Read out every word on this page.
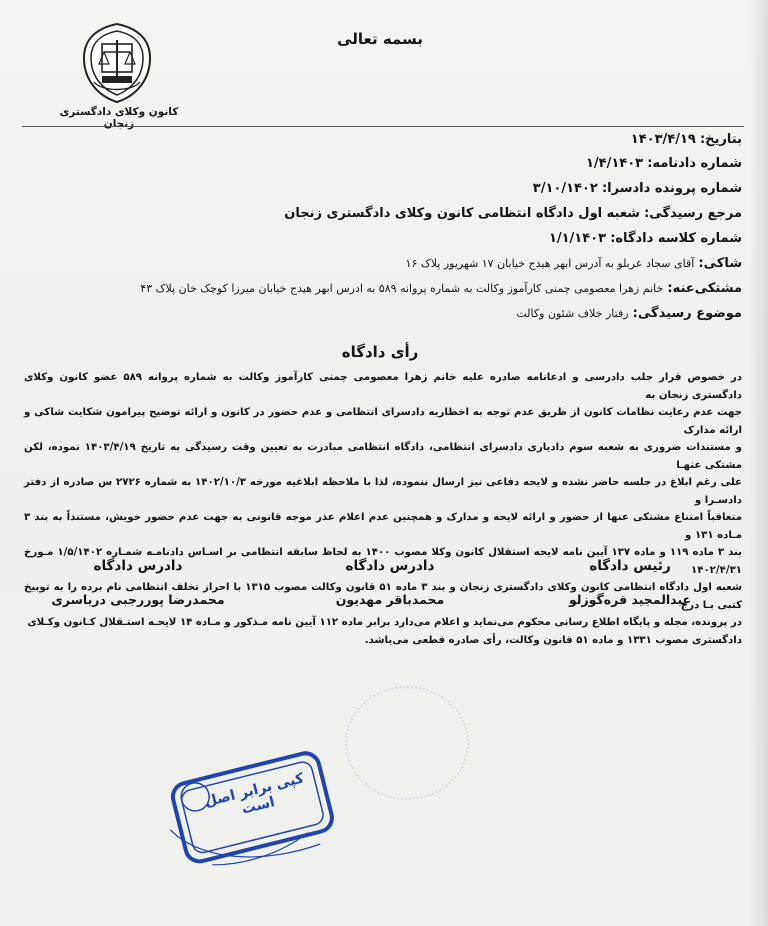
بسمه تعالی
کانون وکلای دادگستری زنجان
بتاریخ: ۱۴۰۳/۴/۱۹
شماره دادنامه: ۱/۴/۱۴۰۳
شماره پرونده دادسرا: ۳/۱۰/۱۴۰۲
مرجع رسیدگی: شعبه اول دادگاه انتظامی کانون وکلای دادگستری زنجان
شماره کلاسه دادگاه: ۱/۱/۱۴۰۳
شاکی: آقای سجاد عربلو به آدرس ابهر هیدج خیابان ۱۷ شهریور پلاک ۱۶
مشتکی‌عنه: خانم زهرا معصومی چمنی کارآموز وکالت به شماره پروانه ۵۸۹ به ادرس ابهر هیدج خیابان میرزا کوچک خان پلاک ۴۳
موضوع رسیدگی: رفتار خلاف شئون وکالت
رأی دادگاه
در خصوص قرار جلب دادرسی و ادعانامه صادره علیه خانم زهرا معصومی چمنی کارآموز وکالت به شماره پروانه ۵۸۹ عضو کانون وکلای دادگستری زنجان به
جهت عدم رعایت نظامات کانون از طریق عدم توجه به اخطاریه دادسرای انتظامی و عدم حضور در کانون و ارائه توضیح پیرامون شکایت شاکی و ارائه مدارک
و مستندات ضروری به شعبه سوم دادیاری دادسرای انتظامی، دادگاه انتظامی مبادرت به تعیین وقت رسیدگی به تاریخ ۱۴۰۳/۴/۱۹ نموده، لکن مشتکی عنهـا
علی رغم ابلاغ در جلسه حاضر نشده و لایحه دفاعی نیز ارسال ننموده، لذا با ملاحظه ابلاغیه مورخه ۱۴۰۲/۱۰/۳ به شماره ۲۷۲۶ س صادره از دفتر دادسـرا و
متعاقباً امتناع مشتکی عنها از حضور و ارائه لایحه و مدارک و همچنین عدم اعلام عذر موجه قانونی به جهت عدم حضور خویش، مستنداً به بند ۳ مـاده ۱۳۱ و
بند ۳ ماده ۱۱۹ و ماده ۱۳۷ آیین نامه لایحه استقلال کانون وکلا مصوب ۱۴۰۰ به لحاظ سابقه انتظامی بر اسـاس دادنامـه شمـاره ۱/۵/۱۴۰۲ مـورخ ۱۴۰۲/۴/۳۱
شعبه اول دادگاه انتظامی کانون وکلای دادگستری زنجان و بند ۳ ماده ۵۱ قانون وکالت مصوب ۱۳۱۵ با احراز تخلف انتظامی نام برده را به توبیخ کتبی بـا درج
در پرونده، مجله و پایگاه اطلاع رسانی محکوم می‌نماید و اعلام می‌دارد برابر ماده ۱۱۲ آیین نامه مـذکور و مـاده ۱۴ لایحـه استـقلال کـانون وکـلای
دادگستری مصوب ۱۳۳۱ و ماده ۵۱ قانون وکالت، رأی صادره قطعی می‌باشد.
رئیس دادگاه
عبدالمجید قره‌گوزلو
دادرس دادگاه
محمدباقر مهدیون
دادرس دادگاه
محمدرضا پوررجبی دریاسری
کپی برابر اصل است
